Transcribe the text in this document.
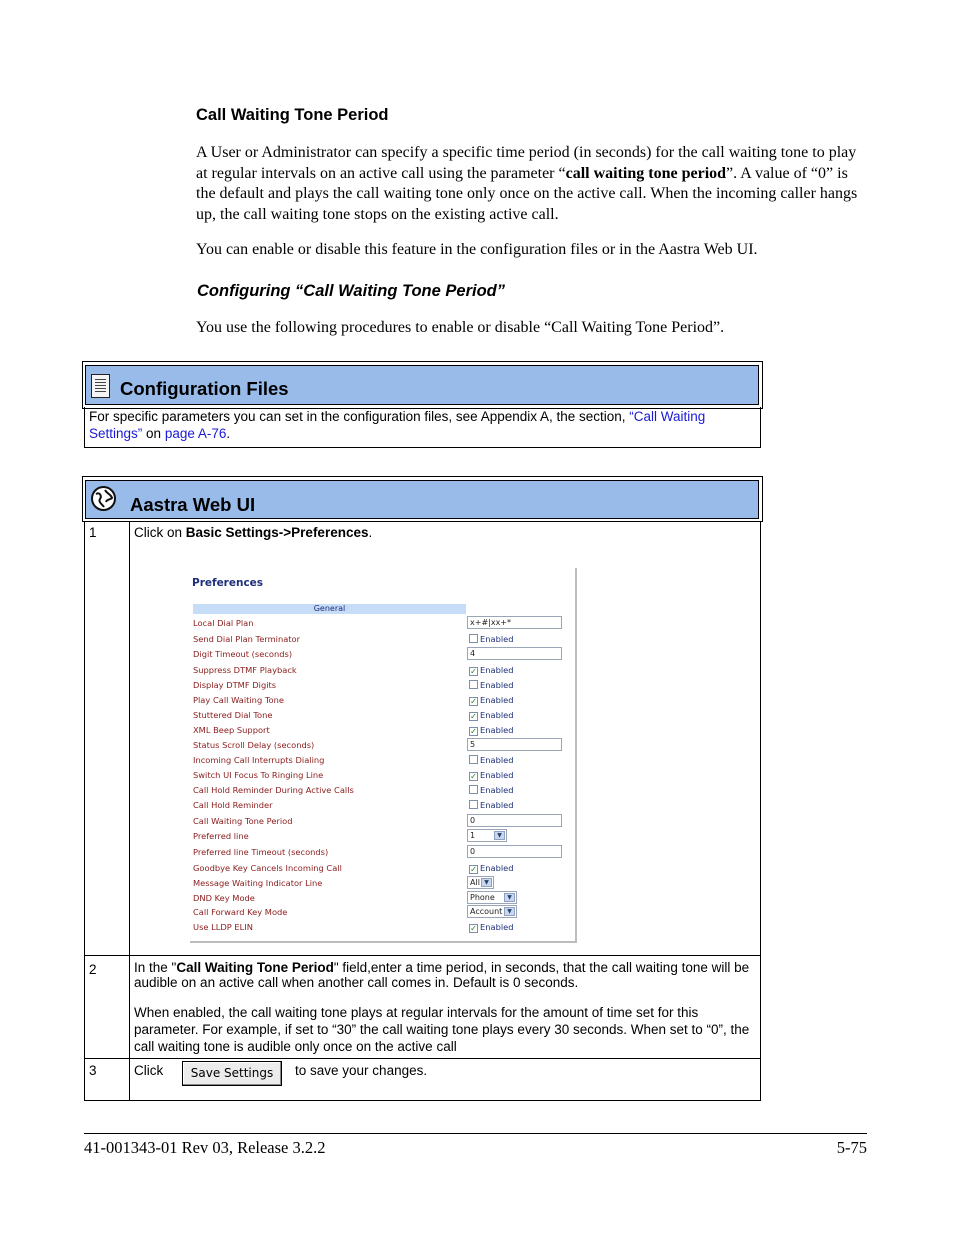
Call Waiting Tone Period
A User or Administrator can specify a specific time period (in seconds) for the call waiting tone to play at regular intervals on an active call using the parameter “call waiting tone period”. A value of “0” is the default and plays the call waiting tone only once on the active call. When the incoming caller hangs up, the call waiting tone stops on the existing active call.
You can enable or disable this feature in the configuration files or in the Aastra Web UI.
Configuring “Call Waiting Tone Period”
You use the following procedures to enable or disable “Call Waiting Tone Period”.
Configuration Files
For specific parameters you can set in the configuration files, see Appendix A, the section, “Call Waiting Settings” on page A-76.
Aastra Web UI
1	Click on Basic Settings->Preferences.
2	In the "Call Waiting Tone Period" field,enter a time period, in seconds, that the call waiting tone will be audible on an active call when another call comes in. Default is 0 seconds.
When enabled, the call waiting tone plays at regular intervals for the amount of time set for this parameter. For example, if set to “30” the call waiting tone plays every 30 seconds. When set to “0”, the call waiting tone is audible only once on the active call

3	Click to save your changes.
Save Settings
Preferences
General
Local Dial Plan	x+#|xx+*
Send Dial Plan Terminator	Enabled
Digit Timeout (seconds)	4
Suppress DTMF Playback	✓ Enabled
Display DTMF Digits	Enabled
Play Call Waiting Tone	✓ Enabled
Stuttered Dial Tone	✓ Enabled
XML Beep Support	✓ Enabled
Status Scroll Delay (seconds)	5
Incoming Call Interrupts Dialing	Enabled
Switch UI Focus To Ringing Line	✓ Enabled
Call Hold Reminder During Active Calls	Enabled
Call Hold Reminder	Enabled
Call Waiting Tone Period	0
Preferred line	1	▼
Preferred line Timeout (seconds)	0
Goodbye Key Cancels Incoming Call	✓ Enabled
Message Waiting Indicator Line	All ▼
DND Key Mode	Phone	▼
Call Forward Key Mode	Account ▼
Use LLDP ELIN	✓ Enabled
41-001343-01 Rev 03, Release 3.2.2	5-75
